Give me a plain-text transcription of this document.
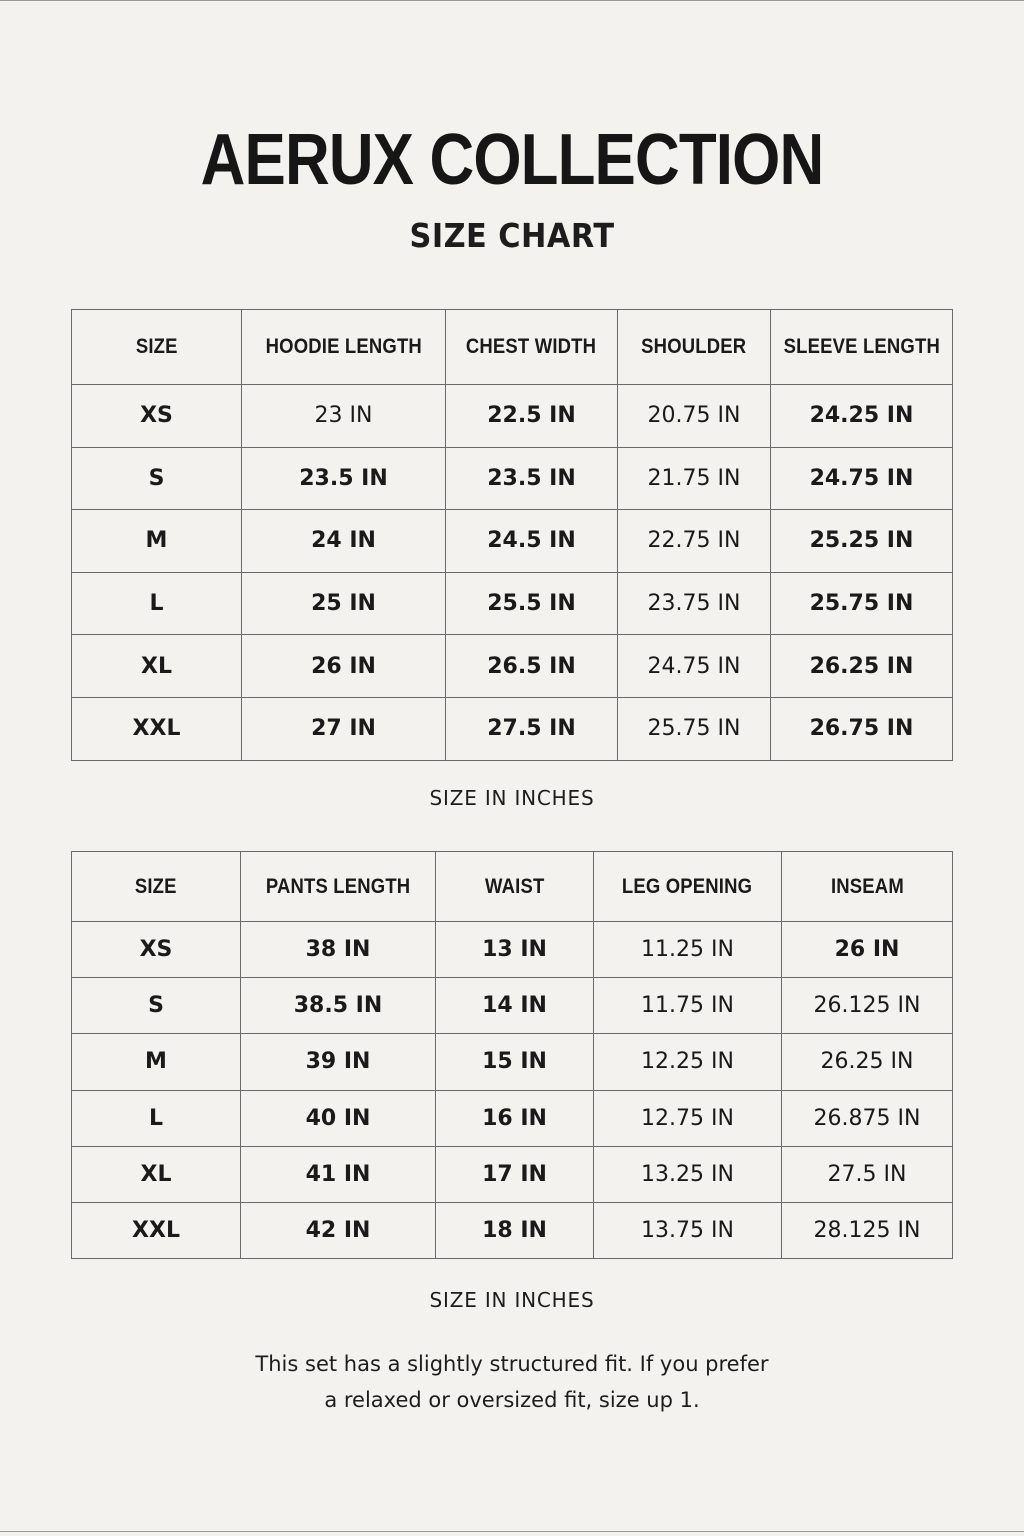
AERUX COLLECTION
SIZE CHART
SIZE	HOODIE LENGTH	CHEST WIDTH	SHOULDER	SLEEVE LENGTH
XS	23 IN	22.5 IN	20.75 IN	24.25 IN
S	23.5 IN	23.5 IN	21.75 IN	24.75 IN
M	24 IN	24.5 IN	22.75 IN	25.25 IN
L	25 IN	25.5 IN	23.75 IN	25.75 IN
XL	26 IN	26.5 IN	24.75 IN	26.25 IN
XXL	27 IN	27.5 IN	25.75 IN	26.75 IN
SIZE IN INCHES
SIZE	PANTS LENGTH	WAIST	LEG OPENING	INSEAM
XS	38 IN	13 IN	11.25 IN	26 IN
S	38.5 IN	14 IN	11.75 IN	26.125 IN
M	39 IN	15 IN	12.25 IN	26.25 IN
L	40 IN	16 IN	12.75 IN	26.875 IN
XL	41 IN	17 IN	13.25 IN	27.5 IN
XXL	42 IN	18 IN	13.75 IN	28.125 IN
SIZE IN INCHES
This set has a slightly structured fit. If you prefer
a relaxed or oversized fit, size up 1.
